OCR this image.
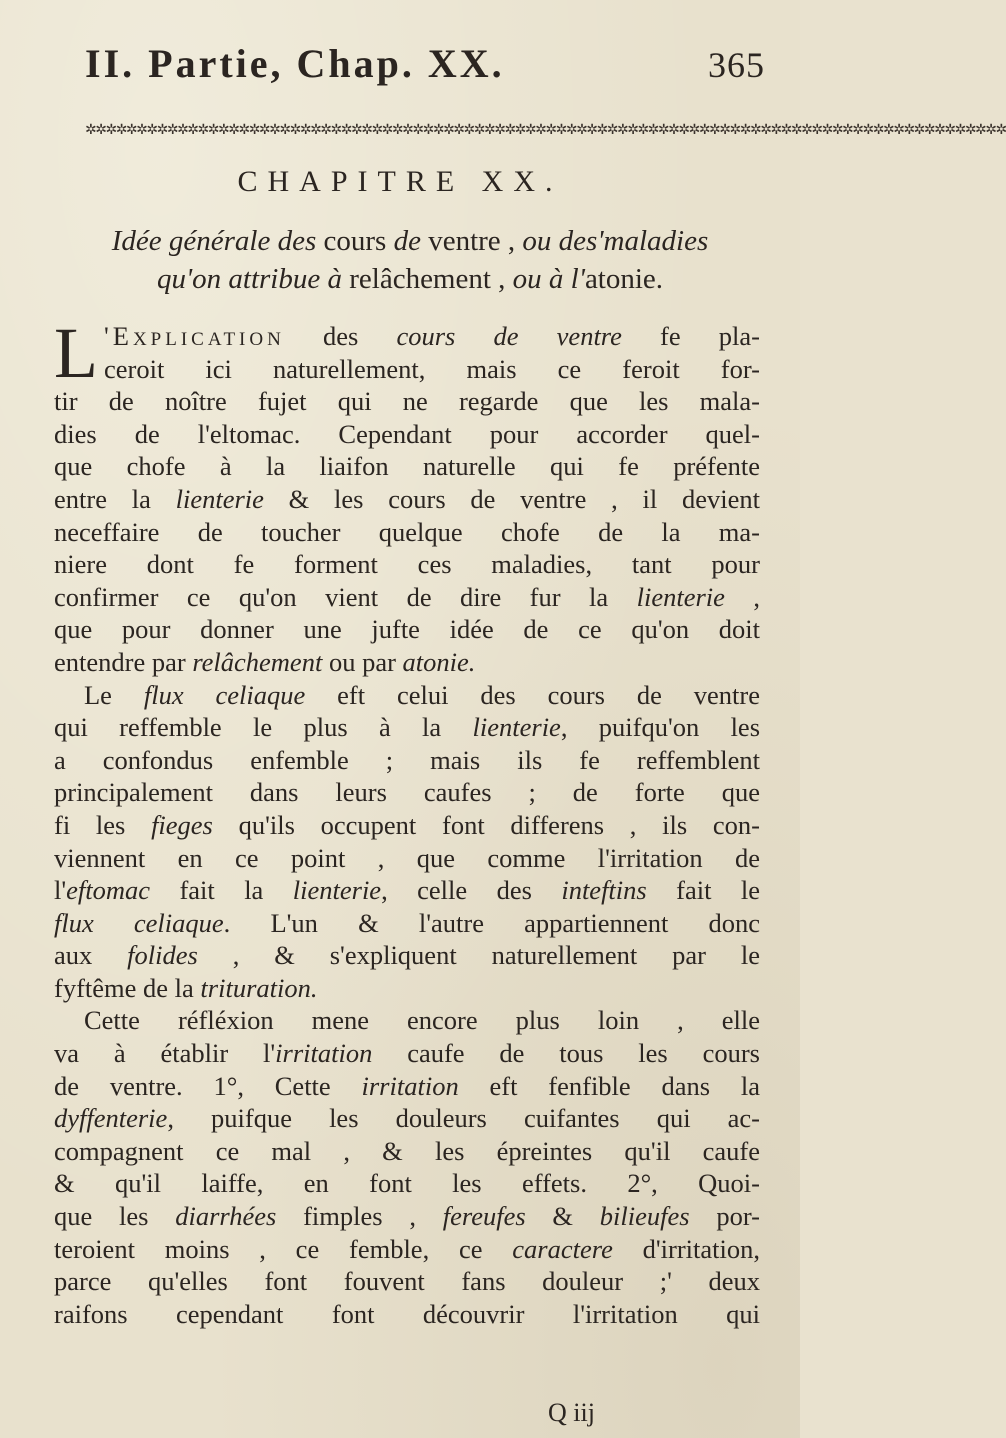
II. Partie, Chap. XX.	365
✲✲✲✲✲✲✲✲✲✲✲✲✲✲✲✲✲✲✲✲✲✲✲✲✲✲✲✲✲✲✲✲✲✲✲✲✲✲✲✲✲✲✲✲✲✲✲✲✲✲✲✲✲✲✲✲✲✲✲✲✲✲✲✲✲✲✲✲✲✲✲✲✲✲✲✲✲✲✲✲✲✲✲✲✲✲✲✲✲✲
CHAPITRE XX.
Idée générale des cours de ventre , ou des'maladies
qu'on attribue à relâchement , ou à l'atonie.
L 'Explication des cours de ventre fe pla-
ceroit ici naturellement, mais ce feroit for-
tir de noître fujet qui ne regarde que les mala-
dies de l'eltomac. Cependant pour accorder quel-
que chofe à la liaifon naturelle qui fe préfente
entre la lienterie & les cours de ventre , il devient
neceffaire de toucher quelque chofe de la ma-
niere dont fe forment ces maladies, tant pour
confirmer ce qu'on vient de dire fur la lienterie ,
que pour donner une jufte idée de ce qu'on doit
entendre par relâchement ou par atonie.
Le flux celiaque eft celui des cours de ventre
qui reffemble le plus à la lienterie, puifqu'on les
a confondus enfemble ; mais ils fe reffemblent
principalement dans leurs caufes ; de forte que
fi les fieges qu'ils occupent font differens , ils con-
viennent en ce point , que comme l'irritation de
l'eftomac fait la lienterie, celle des inteftins fait le
flux celiaque. L'un & l'autre appartiennent donc
aux folides , & s'expliquent naturellement par le
fyftême de la trituration.
Cette réfléxion mene encore plus loin , elle
va à établir l'irritation caufe de tous les cours
de ventre. 1°, Cette irritation eft fenfible dans la
dyffenterie, puifque les douleurs cuifantes qui ac-
compagnent ce mal , & les épreintes qu'il caufe
& qu'il laiffe, en font les effets. 2°, Quoi-
que les diarrhées fimples , fereufes & bilieufes por-
teroient moins , ce femble, ce caractere d'irritation,
parce qu'elles font fouvent fans douleur ;' deux
raifons cependant font découvrir l'irritation qui
Q iij
